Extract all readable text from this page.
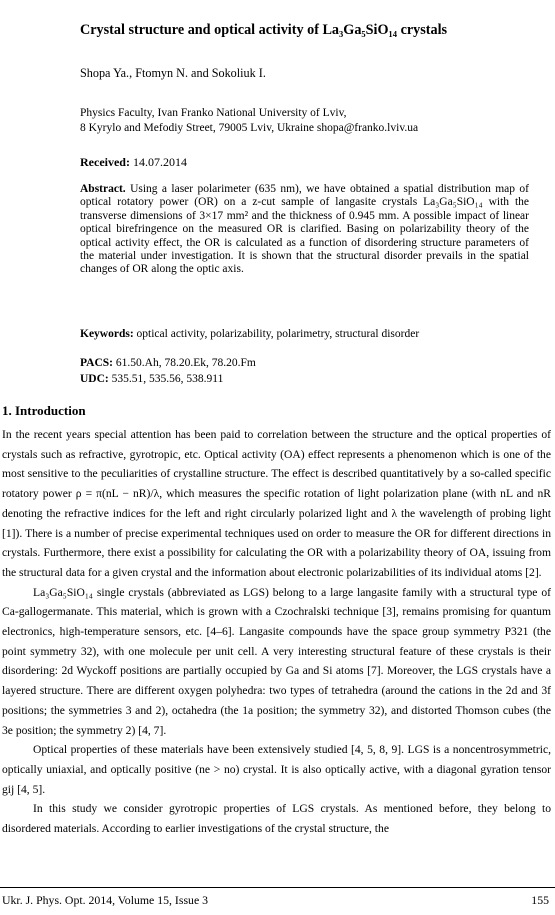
Crystal structure and optical activity of La₃Ga₅SiO₁₄ crystals
Shopa Ya., Ftomyn N. and Sokoliuk I.
Physics Faculty, Ivan Franko National University of Lviv,
8 Kyrylo and Mefodiy Street, 79005 Lviv, Ukraine shopa@franko.lviv.ua
Received: 14.07.2014
Abstract. Using a laser polarimeter (635 nm), we have obtained a spatial distribution map of optical rotatory power (OR) on a z-cut sample of langasite crystals La₃Ga₅SiO₁₄ with the transverse dimensions of 3×17 mm² and the thickness of 0.945 mm. A possible impact of linear optical birefringence on the measured OR is clarified. Basing on polarizability theory of the optical activity effect, the OR is calculated as a function of disordering structure parameters of the material under investigation. It is shown that the structural disorder prevails in the spatial changes of OR along the optic axis.
Keywords: optical activity, polarizability, polarimetry, structural disorder
PACS: 61.50.Ah, 78.20.Ek, 78.20.Fm
UDC: 535.51, 535.56, 538.911
1. Introduction

In the recent years special attention has been paid to correlation between the structure and the optical properties of crystals such as refractive, gyrotropic, etc. Optical activity (OA) effect represents a phenomenon which is one of the most sensitive to the peculiarities of crystalline structure. The effect is described quantitatively by a so-called specific rotatory power ρ = π(nL − nR)/λ, which measures the specific rotation of light polarization plane (with nL and nR denoting the refractive indices for the left and right circularly polarized light and λ the wavelength of probing light [1]). There is a number of precise experimental techniques used on order to measure the OR for different directions in crystals. Furthermore, there exist a possibility for calculating the OR with a polarizability theory of OA, issuing from the structural data for a given crystal and the information about electronic polarizabilities of its individual atoms [2].

La₃Ga₅SiO₁₄ single crystals (abbreviated as LGS) belong to a large langasite family with a structural type of Ca-gallogermanate. This material, which is grown with a Czochralski technique [3], remains promising for quantum electronics, high-temperature sensors, etc. [4–6]. Langasite compounds have the space group symmetry P321 (the point symmetry 32), with one molecule per unit cell. A very interesting structural feature of these crystals is their disordering: 2d Wyckoff positions are partially occupied by Ga and Si atoms [7]. Moreover, the LGS crystals have a layered structure. There are different oxygen polyhedra: two types of tetrahedra (around the cations in the 2d and 3f positions; the symmetries 3 and 2), octahedra (the 1a position; the symmetry 32), and distorted Thomson cubes (the 3e position; the symmetry 2) [4, 7].

Optical properties of these materials have been extensively studied [4, 5, 8, 9]. LGS is a noncentrosymmetric, optically uniaxial, and optically positive (ne > no) crystal. It is also optically active, with a diagonal gyration tensor gij [4, 5].

In this study we consider gyrotropic properties of LGS crystals. As mentioned before, they belong to disordered materials. According to earlier investigations of the crystal structure, the

Ukr. J. Phys. Opt. 2014, Volume 15, Issue 3	155
